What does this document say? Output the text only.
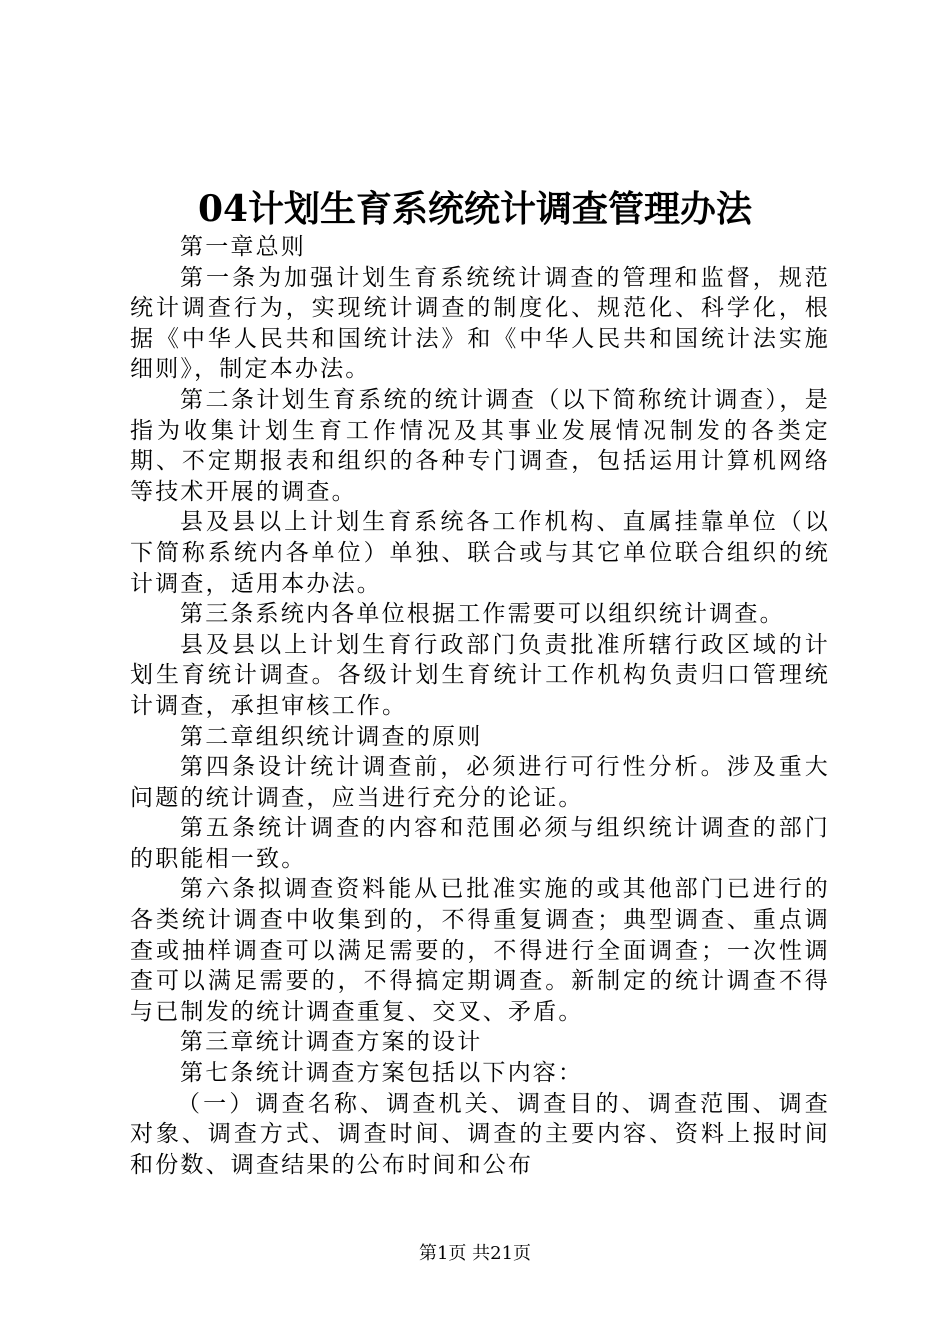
04计划生育系统统计调查管理办法

第一章总则

第一条为加强计划生育系统统计调查的管理和监督，规范统计调查行为，实现统计调查的制度化、规范化、科学化，根据《中华人民共和国统计法》和《中华人民共和国统计法实施细则》，制定本办法。

第二条计划生育系统的统计调查（以下简称统计调查），是指为收集计划生育工作情况及其事业发展情况制发的各类定期、不定期报表和组织的各种专门调查，包括运用计算机网络等技术开展的调查。

县及县以上计划生育系统各工作机构、直属挂靠单位（以下简称系统内各单位）单独、联合或与其它单位联合组织的统计调查，适用本办法。

第三条系统内各单位根据工作需要可以组织统计调查。

县及县以上计划生育行政部门负责批准所辖行政区域的计划生育统计调查。各级计划生育统计工作机构负责归口管理统计调查，承担审核工作。

第二章组织统计调查的原则

第四条设计统计调查前，必须进行可行性分析。涉及重大问题的统计调查，应当进行充分的论证。

第五条统计调查的内容和范围必须与组织统计调查的部门的职能相一致。

第六条拟调查资料能从已批准实施的或其他部门已进行的各类统计调查中收集到的，不得重复调查；典型调查、重点调查或抽样调查可以满足需要的，不得进行全面调查；一次性调查可以满足需要的，不得搞定期调查。新制定的统计调查不得与已制发的统计调查重复、交叉、矛盾。

第三章统计调查方案的设计

第七条统计调查方案包括以下内容：

（一）调查名称、调查机关、调查目的、调查范围、调查对象、调查方式、调查时间、调查的主要内容、资料上报时间和份数、调查结果的公布时间和公布

第1页 共21页
